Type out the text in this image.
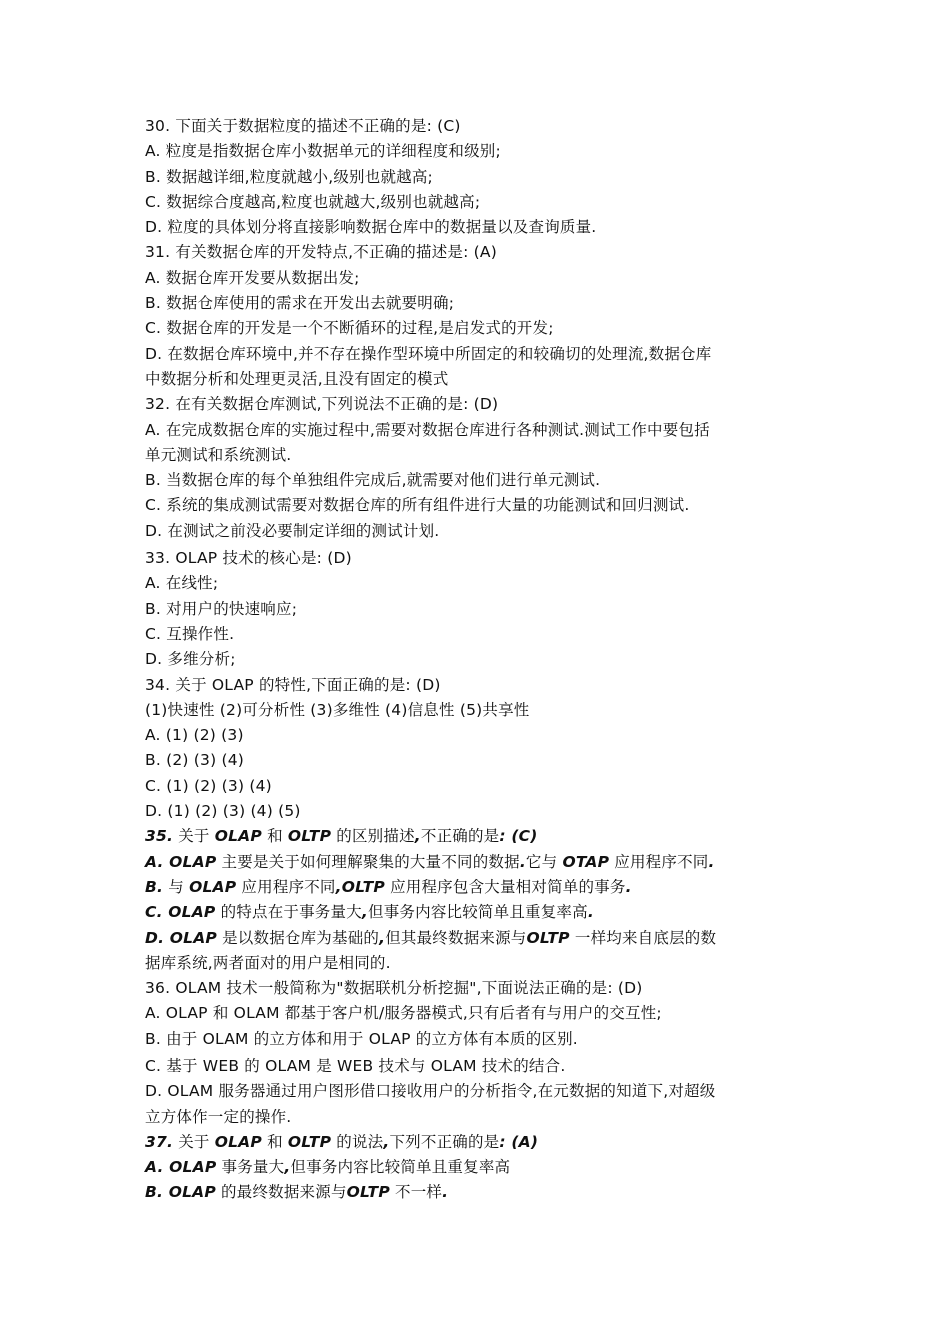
30. 下面关于数据粒度的描述不正确的是: (C)
A. 粒度是指数据仓库小数据单元的详细程度和级别;
B. 数据越详细,粒度就越小,级别也就越高;
C. 数据综合度越高,粒度也就越大,级别也就越高;
D. 粒度的具体划分将直接影响数据仓库中的数据量以及查询质量.
31. 有关数据仓库的开发特点,不正确的描述是: (A)
A. 数据仓库开发要从数据出发;
B. 数据仓库使用的需求在开发出去就要明确;
C. 数据仓库的开发是一个不断循环的过程,是启发式的开发;
D. 在数据仓库环境中,并不存在操作型环境中所固定的和较确切的处理流,数据仓库
中数据分析和处理更灵活,且没有固定的模式
32. 在有关数据仓库测试,下列说法不正确的是: (D)
A. 在完成数据仓库的实施过程中,需要对数据仓库进行各种测试.测试工作中要包括
单元测试和系统测试.
B. 当数据仓库的每个单独组件完成后,就需要对他们进行单元测试.
C. 系统的集成测试需要对数据仓库的所有组件进行大量的功能测试和回归测试.
D. 在测试之前没必要制定详细的测试计划.
33. OLAP 技术的核心是: (D)
A. 在线性;
B. 对用户的快速响应;
C. 互操作性.
D. 多维分析;
34. 关于 OLAP 的特性,下面正确的是: (D)
(1)快速性 (2)可分析性 (3)多维性 (4)信息性 (5)共享性
A. (1) (2) (3)
B. (2) (3) (4)
C. (1) (2) (3) (4)
D. (1) (2) (3) (4) (5)
35. 关于 OLAP 和 OLTP 的区别描述,不正确的是: (C)
A. OLAP 主要是关于如何理解聚集的大量不同的数据.它与 OTAP 应用程序不同.
B. 与 OLAP 应用程序不同,OLTP 应用程序包含大量相对简单的事务.
C. OLAP 的特点在于事务量大,但事务内容比较简单且重复率高.
D. OLAP 是以数据仓库为基础的,但其最终数据来源与OLTP 一样均来自底层的数
据库系统,两者面对的用户是相同的.
36. OLAM 技术一般简称为"数据联机分析挖掘",下面说法正确的是: (D)
A. OLAP 和 OLAM 都基于客户机/服务器模式,只有后者有与用户的交互性;
B. 由于 OLAM 的立方体和用于 OLAP 的立方体有本质的区别.
C. 基于 WEB 的 OLAM 是 WEB 技术与 OLAM 技术的结合.
D. OLAM 服务器通过用户图形借口接收用户的分析指令,在元数据的知道下,对超级
立方体作一定的操作.
37. 关于 OLAP 和 OLTP 的说法,下列不正确的是: (A)
A. OLAP 事务量大,但事务内容比较简单且重复率高
B. OLAP 的最终数据来源与OLTP 不一样.
